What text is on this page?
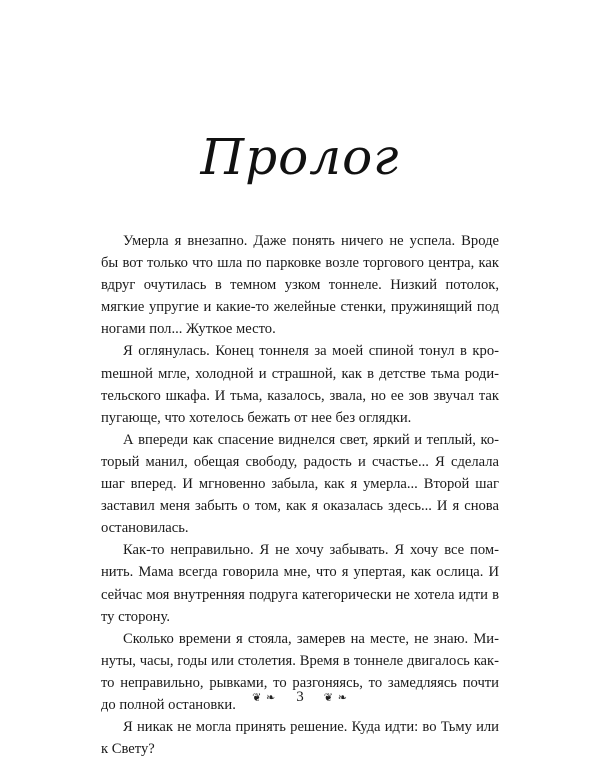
Пролог

Умерла я внезапно. Даже понять ничего не успела. Вроде бы вот только что шла по парковке возле торгового центра, как вдруг очутилась в темном узком тоннеле. Низкий потолок, мягкие упругие и какие-то желейные стенки, пружинящий под ногами пол... Жуткое место.

Я оглянулась. Конец тоннеля за моей спиной тонул в кроmешной мгле, холодной и страшной, как в детстве тьма родительского шкафа. И тьма, казалось, звала, но ее зов звучал так пугающе, что хотелось бежать от нее без оглядки.

А впереди как спасение виднелся свет, яркий и теплый, который манил, обещая свободу, радость и счастье... Я сделала шаг вперед. И мгновенно забыла, как я умерла... Второй шаг заставил меня забыть о том, как я оказалась здесь... И я снова остановилась.

Как-то неправильно. Я не хочу забывать. Я хочу все помнить. Мама всегда говорила мне, что я упертая, как ослица. И сейчас моя внутренняя подруга категорически не хотела идти в ту сторону.

Сколько времени я стояла, замерев на месте, не знаю. Минуты, часы, годы или столетия. Время в тоннеле двигалось как-то неправильно, рывками, то разгоняясь, то замедляясь почти до полной остановки.

Я никак не могла принять решение. Куда идти: во Тьму или к Свету?

❦ ❧ 3 ❦ ❧
